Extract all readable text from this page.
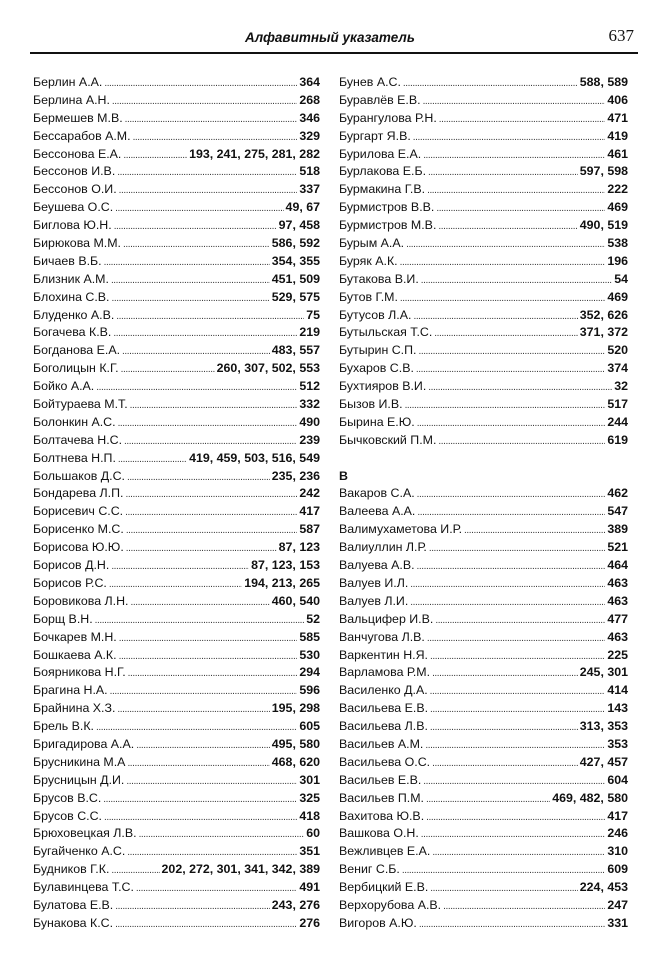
Алфавитный указатель	637
Берлин А.А. . . .	364
Берлина А.Н. . . .	268
Бермешев М.В. . . .	346
Бессарабов А.М. . . .	329
Бессонова Е.А. . . .	193, 241, 275, 281, 282
Бессонов И.В. . . .	518
Бессонов О.И. . . .	337
Беушева О.С. . . .	49, 67
Биглова Ю.Н. . . .	97, 458
Бирюкова М.М. . . .	586, 592
Бичаев В.Б. . . .	354, 355
Близник А.М. . . .	451, 509
Блохина С.В. . . .	529, 575
Блуденко А.В. . . .	75
Богачева К.В. . . .	219
Богданова Е.А. . . .	483, 557
Боголицын К.Г. . . .	260, 307, 502, 553
Бойко А.А. . . .	512
Бойтураева М.Т. . . .	332
Болонкин А.С. . . .	490
Болтачева Н.С. . . .	239
Болтнева Н.П. . . .	419, 459, 503, 516, 549
Большаков Д.С. . . .	235, 236
Бондарева Л.П. . . .	242
Борисевич С.С. . . .	417
Борисенко М.С. . . .	587
Борисова Ю.Ю. . . .	87, 123
Борисов Д.Н. . . .	87, 123, 153
Борисов Р.С. . . .	194, 213, 265
Боровикова Л.Н. . . .	460, 540
Борщ В.Н. . . .	52
Бочкарев М.Н. . . .	585
Бошкаева А.К. . . .	530
Боярникова Н.Г. . . .	294
Брагина Н.А. . . .	596
Брайнина Х.З. . . .	195, 298
Брель В.К. . . .	605
Бригадирова А.А. . . .	495, 580
Брусникина М.А . . .	468, 620
Брусницын Д.И. . . .	301
Брусов В.С. . . .	325
Брусов С.С. . . .	418
Брюховецкая Л.В. . . .	60
Бугайченко А.С. . . .	351
Будников Г.К. . . .	202, 272, 301, 341, 342, 389
Булавинцева Т.С. . . .	491
Булатова Е.В. . . .	243, 276
Бунакова К.С. . . .	276
Бунев А.С. . . .	588, 589
Буравлёв Е.В. . . .	406
Бурангулова Р.Н. . . .	471
Бургарт Я.В. . . .	419
Бурилова Е.А. . . .	461
Бурлакова Е.Б. . . .	597, 598
Бурмакина Г.В. . . .	222
Бурмистров В.В. . . .	469
Бурмистров М.В. . . .	490, 519
Бурым А.А. . . .	538
Буряк А.К. . . .	196
Бутакова В.И. . . .	54
Бутов Г.М. . . .	469
Бутусов Л.А. . . .	352, 626
Бутыльская Т.С. . . .	371, 372
Бутырин С.П. . . .	520
Бухаров С.В. . . .	374
Бухтияров В.И. . . .	32
Бызов И.В. . . .	517
Бырина Е.Ю. . . .	244
Бычковский П.М. . . .	619
В
Вакаров С.А. . . .	462
Валеева А.А. . . .	547
Валимухаметова И.Р. . . .	389
Валиуллин Л.Р. . . .	521
Валуева А.В. . . .	464
Валуев И.Л. . . .	463
Валуев Л.И. . . .	463
Вальцифер И.В. . . .	477
Ванчугова Л.В. . . .	463
Варкентин Н.Я. . . .	225
Варламова Р.М. . . .	245, 301
Василенко Д.А. . . .	414
Васильева Е.В. . . .	143
Васильева Л.В. . . .	313, 353
Васильев А.М. . . .	353
Васильева О.С. . . .	427, 457
Васильев Е.В. . . .	604
Васильев П.М. . . .	469, 482, 580
Вахитова Ю.В. . . .	417
Вашкова О.Н. . . .	246
Вежливцев Е.А. . . .	310
Вениг С.Б. . . .	609
Вербицкий Е.В. . . .	224, 453
Верхорубова А.В. . . .	247
Вигоров А.Ю. . . .	331
